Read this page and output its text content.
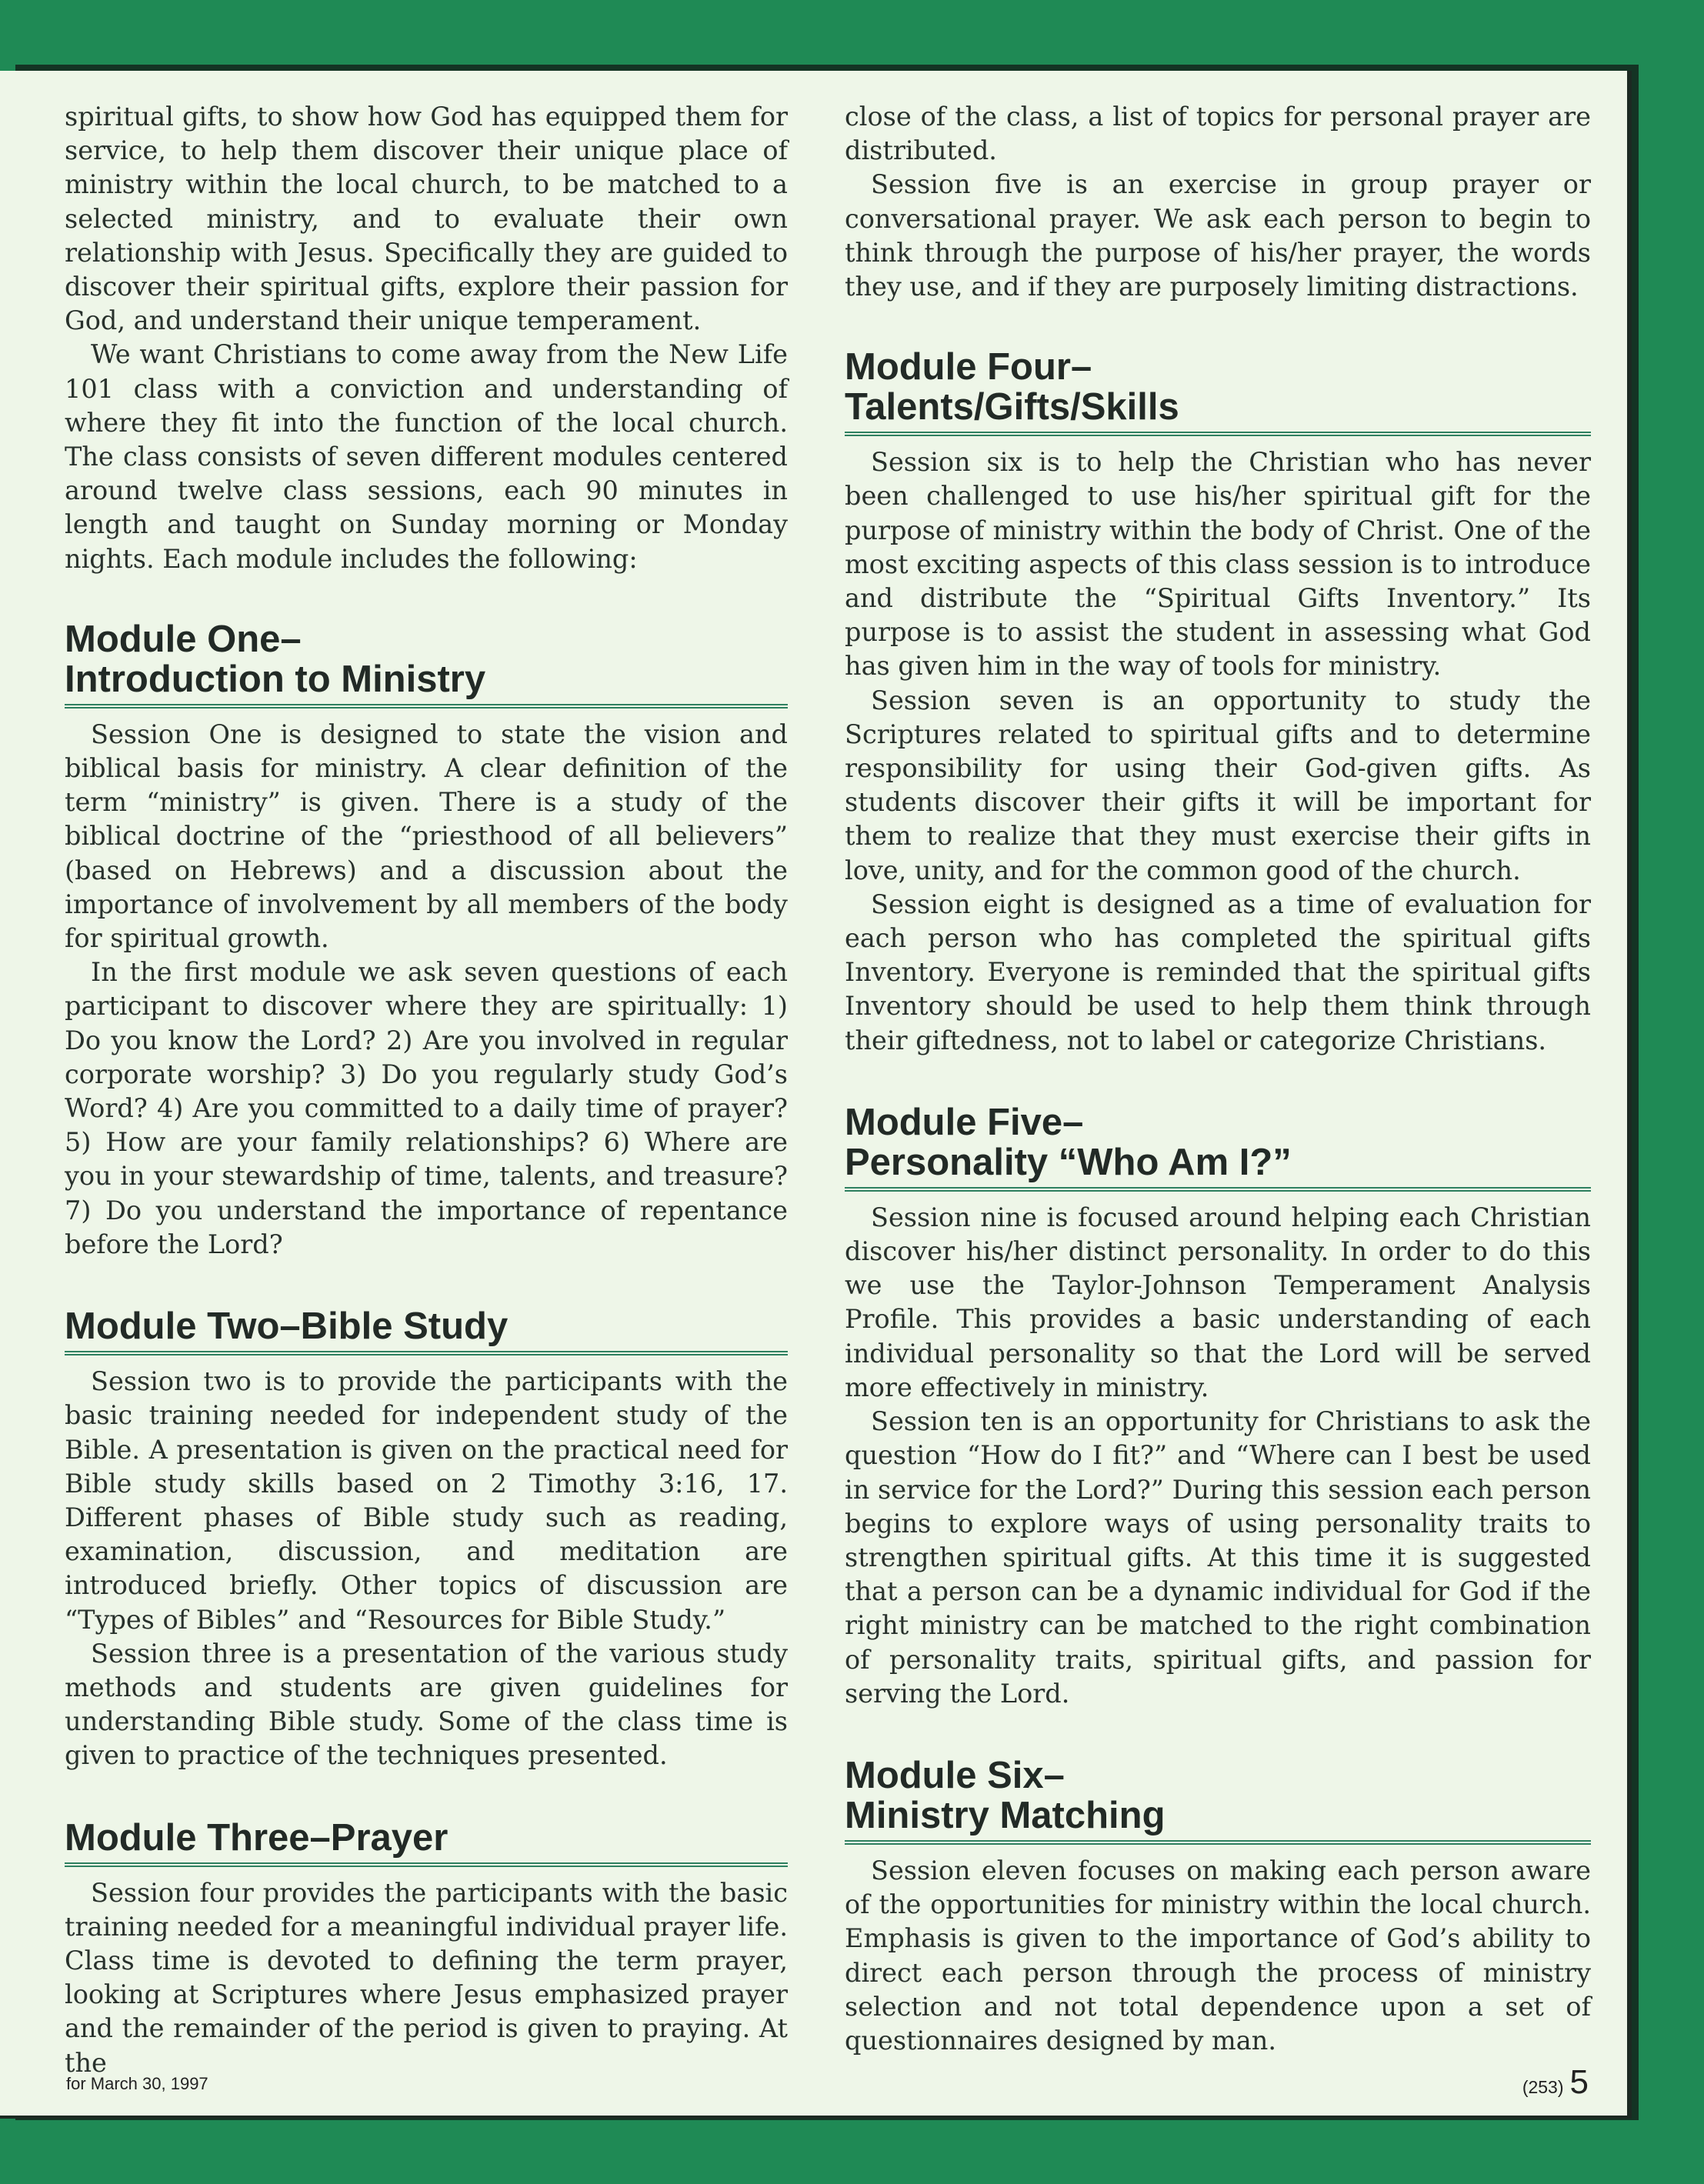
spiritual gifts, to show how God has equipped them for service, to help them discover their unique place of ministry within the local church, to be matched to a selected ministry, and to evaluate their own relationship with Jesus. Specifically they are guided to discover their spiritual gifts, explore their passion for God, and understand their unique temperament.

We want Christians to come away from the New Life 101 class with a conviction and understanding of where they fit into the function of the local church. The class consists of seven different modules centered around twelve class sessions, each 90 minutes in length and taught on Sunday morning or Monday nights. Each module includes the following:

Module One–
Introduction to Ministry

Session One is designed to state the vision and biblical basis for ministry. A clear definition of the term “ministry” is given. There is a study of the biblical doctrine of the “priesthood of all believers” (based on Hebrews) and a discussion about the importance of involvement by all members of the body for spiritual growth.

In the first module we ask seven questions of each participant to discover where they are spiritually: 1) Do you know the Lord? 2) Are you involved in regular corporate worship? 3) Do you regularly study God’s Word? 4) Are you committed to a daily time of prayer? 5) How are your family relationships? 6) Where are you in your stewardship of time, talents, and treasure? 7) Do you understand the importance of repentance before the Lord?

Module Two–Bible Study

Session two is to provide the participants with the basic training needed for independent study of the Bible. A presentation is given on the practical need for Bible study skills based on 2 Timothy 3:16, 17. Different phases of Bible study such as reading, examination, discussion, and meditation are introduced briefly. Other topics of discussion are “Types of Bibles” and “Resources for Bible Study.”

Session three is a presentation of the various study methods and students are given guidelines for understanding Bible study. Some of the class time is given to practice of the techniques presented.

Module Three–Prayer

Session four provides the participants with the basic training needed for a meaningful individual prayer life. Class time is devoted to defining the term prayer, looking at Scriptures where Jesus emphasized prayer and the remainder of the period is given to praying. At the

close of the class, a list of topics for personal prayer are distributed.

Session five is an exercise in group prayer or conversational prayer. We ask each person to begin to think through the purpose of his/her prayer, the words they use, and if they are purposely limiting distractions.

Module Four–
Talents/Gifts/Skills

Session six is to help the Christian who has never been challenged to use his/her spiritual gift for the purpose of ministry within the body of Christ. One of the most exciting aspects of this class session is to introduce and distribute the “Spiritual Gifts Inventory.” Its purpose is to assist the student in assessing what God has given him in the way of tools for ministry.

Session seven is an opportunity to study the Scriptures related to spiritual gifts and to determine responsibility for using their God-given gifts. As students discover their gifts it will be important for them to realize that they must exercise their gifts in love, unity, and for the common good of the church.

Session eight is designed as a time of evaluation for each person who has completed the spiritual gifts Inventory. Everyone is reminded that the spiritual gifts Inventory should be used to help them think through their giftedness, not to label or categorize Christians.

Module Five–
Personality “Who Am I?”

Session nine is focused around helping each Christian discover his/her distinct personality. In order to do this we use the Taylor-Johnson Temperament Analysis Profile. This provides a basic understanding of each individual personality so that the Lord will be served more effectively in ministry.

Session ten is an opportunity for Christians to ask the question “How do I fit?” and “Where can I best be used in service for the Lord?” During this session each person begins to explore ways of using personality traits to strengthen spiritual gifts. At this time it is suggested that a person can be a dynamic individual for God if the right ministry can be matched to the right combination of personality traits, spiritual gifts, and passion for serving the Lord.

Module Six–
Ministry Matching

Session eleven focuses on making each person aware of the opportunities for ministry within the local church. Emphasis is given to the importance of God’s ability to direct each person through the process of ministry selection and not total dependence upon a set of questionnaires designed by man.

for March 30, 1997	(253) 5
